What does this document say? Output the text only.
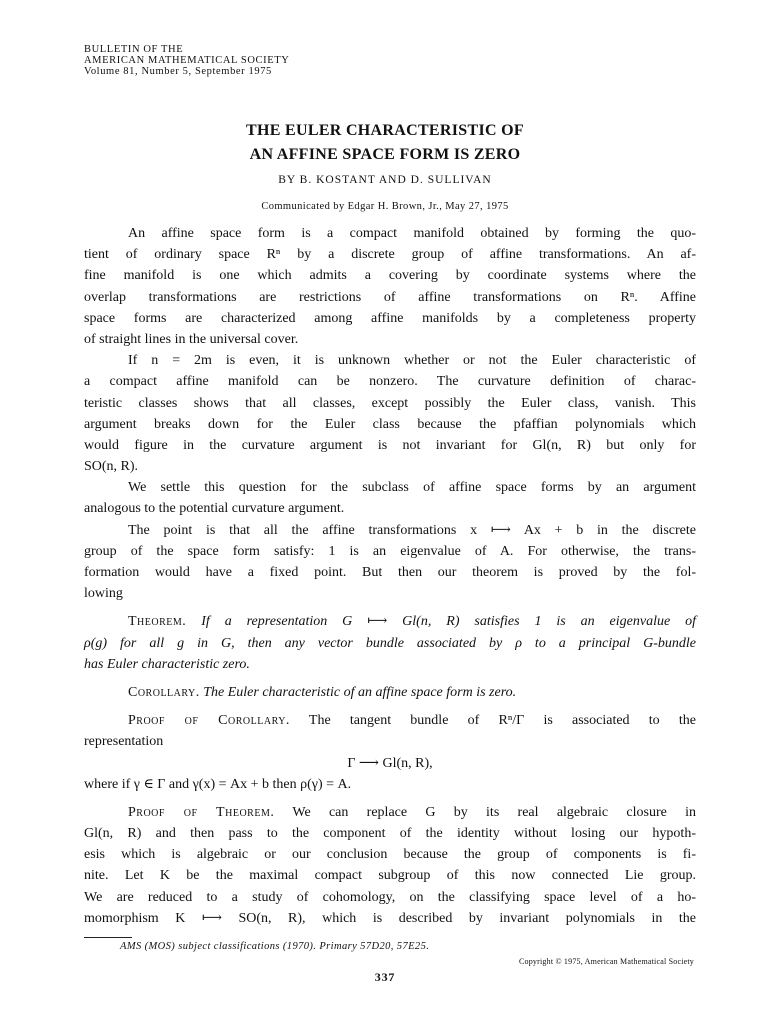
BULLETIN OF THE
AMERICAN MATHEMATICAL SOCIETY
Volume 81, Number 5, September 1975
THE EULER CHARACTERISTIC OF
AN AFFINE SPACE FORM IS ZERO
BY B. KOSTANT AND D. SULLIVAN
Communicated by Edgar H. Brown, Jr., May 27, 1975
An affine space form is a compact manifold obtained by forming the quo-
tient of ordinary space Rⁿ by a discrete group of affine transformations. An af-
fine manifold is one which admits a covering by coordinate systems where the
overlap transformations are restrictions of affine transformations on Rⁿ. Affine
space forms are characterized among affine manifolds by a completeness property
of straight lines in the universal cover.
If n = 2m is even, it is unknown whether or not the Euler characteristic of
a compact affine manifold can be nonzero. The curvature definition of charac-
teristic classes shows that all classes, except possibly the Euler class, vanish. This
argument breaks down for the Euler class because the pfaffian polynomials which
would figure in the curvature argument is not invariant for Gl(n, R) but only for
SO(n, R).
We settle this question for the subclass of affine space forms by an argument
analogous to the potential curvature argument.
The point is that all the affine transformations x ⟼ Ax + b in the discrete
group of the space form satisfy: 1 is an eigenvalue of A. For otherwise, the trans-
formation would have a fixed point. But then our theorem is proved by the fol-
lowing
Theorem. If a representation G ⟼ Gl(n, R) satisfies 1 is an eigenvalue of
ρ(g) for all g in G, then any vector bundle associated by ρ to a principal G-bundle
has Euler characteristic zero.
Corollary. The Euler characteristic of an affine space form is zero.
Proof of Corollary. The tangent bundle of Rⁿ/Γ is associated to the
representation
Γ ⟶ Gl(n, R),
where if γ ∈ Γ and γ(x) = Ax + b then ρ(γ) = A.
Proof of Theorem. We can replace G by its real algebraic closure in
Gl(n, R) and then pass to the component of the identity without losing our hypoth-
esis which is algebraic or our conclusion because the group of components is fi-
nite. Let K be the maximal compact subgroup of this now connected Lie group.
We are reduced to a study of cohomology, on the classifying space level of a ho-
momorphism K ⟼ SO(n, R), which is described by invariant polynomials in the
AMS (MOS) subject classifications (1970). Primary 57D20, 57E25.
Copyright © 1975, American Mathematical Society
337
